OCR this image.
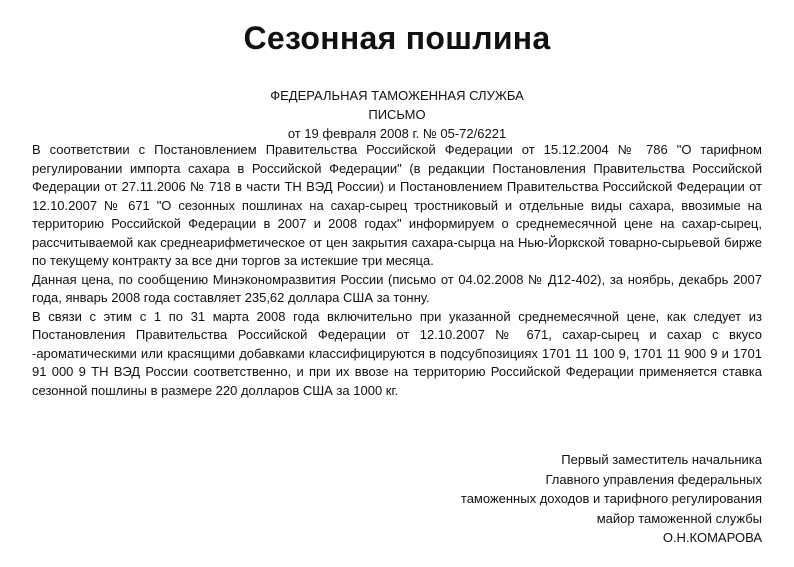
Сезонная пошлина
ФЕДЕРАЛЬНАЯ ТАМОЖЕННАЯ СЛУЖБА
ПИСЬМО
от 19 февраля 2008 г. № 05-72/6221

В соответствии с Постановлением Правительства Российской Федерации от 15.12.2004 № 786 "О тарифном регулировании импорта сахара в Российской Федерации" (в редакции Постановления Правительства Российской Федерации от 27.11.2006 № 718 в части ТН ВЭД России) и Постановлением Правительства Российской Федерации от 12.10.2007 № 671 "О сезонных пошлинах на сахар-сырец тростниковый и отдельные виды сахара, ввозимые на территорию Российской Федерации в 2007 и 2008 годах" информируем о среднемесячной цене на сахар-сырец, рассчитываемой как среднеарифметическое от цен закрытия сахара-сырца на Нью-Йоркской товарно-сырьевой бирже по текущему контракту за все дни торгов за истекшие три месяца.

Данная цена, по сообщению Минэкономразвития России (письмо от 04.02.2008 № Д12-402), за ноябрь, декабрь 2007 года, январь 2008 года составляет 235,62 доллара США за тонну.

В связи с этим с 1 по 31 марта 2008 года включительно при указанной среднемесячной цене, как следует из Постановления Правительства Российской Федерации от 12.10.2007 № 671, сахар-сырец и сахар с вкусо -ароматическими или красящими добавками классифицируются в подсубпозициях 1701 11 100 9, 1701 11 900 9 и 1701 91 000 9 ТН ВЭД России соответственно, и при их ввозе на территорию Российской Федерации применяется ставка сезонной пошлины в размере 220 долларов США за 1000 кг.

Первый заместитель начальника
Главного управления федеральных
таможенных доходов и тарифного регулирования
майор таможенной службы
О.Н.КОМАРОВА
